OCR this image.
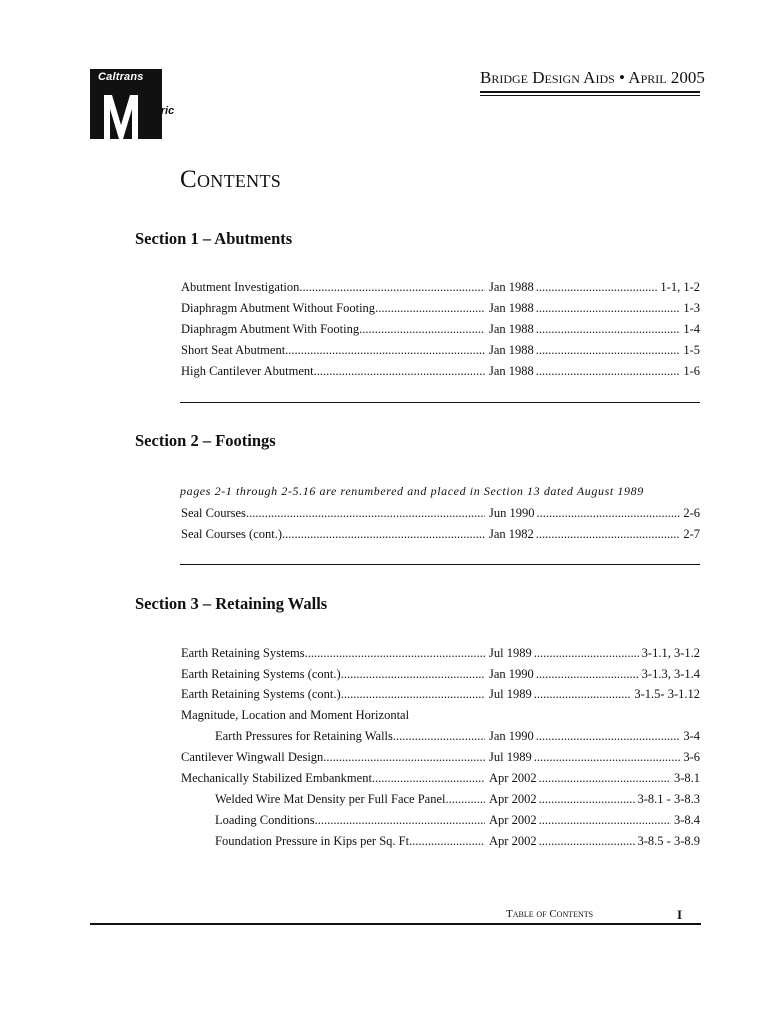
Caltrans
etric
Bridge Design Aids • April 2005
Contents
Section 1 – Abutments
Abutment Investigation .....	Jan 1988 .....	1-1, 1-2
Diaphragm Abutment Without Footing .....	Jan 1988 .....	1-3
Diaphragm Abutment With Footing .....	Jan 1988 .....	1-4
Short Seat Abutment .....	Jan 1988 .....	1-5
High Cantilever Abutment .....	Jan 1988 .....	1-6
Section 2 – Footings
pages 2-1 through 2-5.16 are renumbered and placed in Section 13 dated August 1989
Seal Courses .....	Jun 1990 .....	2-6
Seal Courses (cont.) .....	Jan 1982 .....	2-7
Section 3 – Retaining Walls
Earth Retaining Systems .....	Jul 1989 .....	3-1.1, 3-1.2
Earth Retaining Systems (cont.) .....	Jan 1990 .....	3-1.3, 3-1.4
Earth Retaining Systems (cont.) .....	Jul 1989 .....	3-1.5- 3-1.12
Magnitude, Location and Moment Horizontal
Earth Pressures for Retaining Walls .....	Jan 1990 .....	3-4
Cantilever Wingwall Design .....	Jul 1989 .....	3-6
Mechanically Stabilized Embankment .....	Apr 2002 .....	3-8.1
Welded Wire Mat Density per Full Face Panel .....	Apr 2002 .....	3-8.1 - 3-8.3
Loading Conditions .....	Apr 2002 .....	3-8.4
Foundation Pressure in Kips per Sq. Ft. .....	Apr 2002 .....	3-8.5 - 3-8.9
Table of Contents	I
